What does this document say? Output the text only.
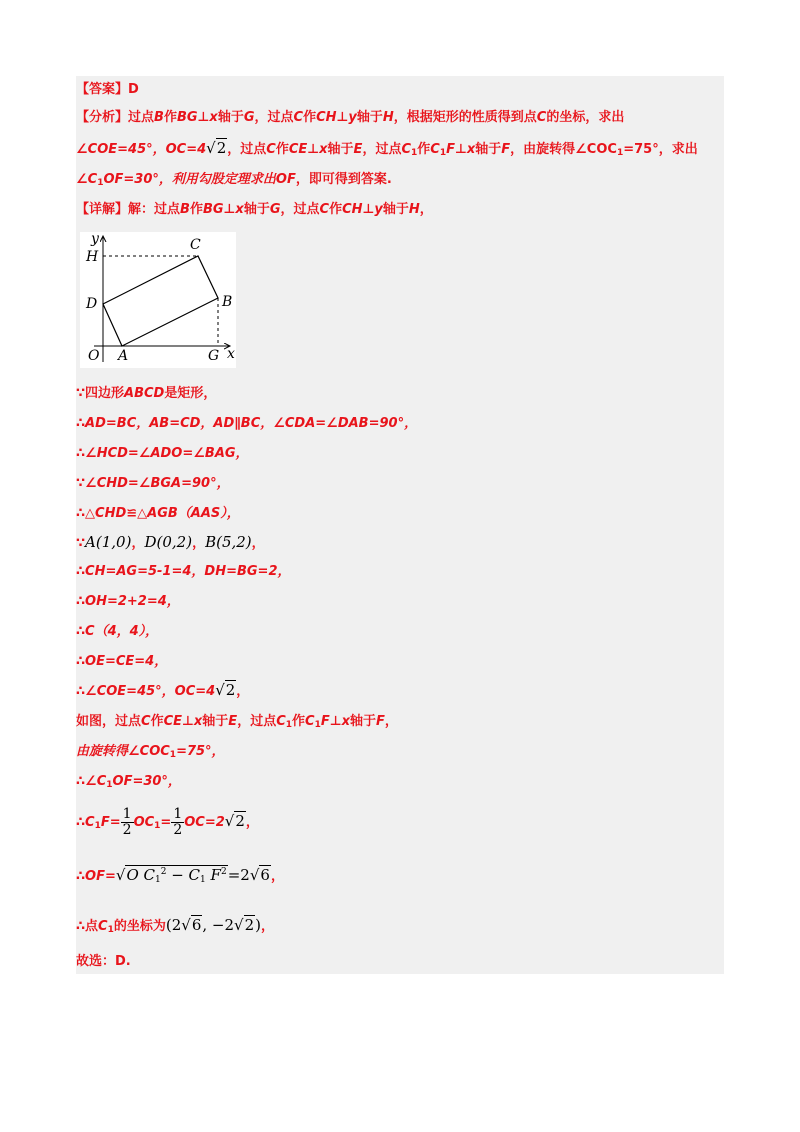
【答案】D
【分析】过点B作BG⊥x轴于G，过点C作CH⊥y轴于H，根据矩形的性质得到点C的坐标，求出
∠COE=45°，OC=4√2，过点C作CE⊥x轴于E，过点$C_1$作$C_1F\perp x$轴于F，由旋转得$\angle COC_1=75^\circ$，求出
$\angle C_1OF=30^\circ$，利用勾股定理求出OF，即可得到答案.
【详解】解：过点B作BG⊥x轴于G，过点C作CH⊥y轴于H，
y
H
C
D	B
O A	G x
∵四边形ABCD是矩形，
∴AD=BC，AB=CD，AD∥BC，∠CDA=∠DAB=90°，
∴∠HCD=∠ADO=∠BAG，
∵∠CHD=∠BGA=90°，
∴△CHD≌△AGB（AAS），
∵A(1,0)，D(0,2)，B(5,2)，
∴CH=AG=5-1=4，DH=BG=2，
∴OH=2+2=4，
∴C（4，4），
∴OE=CE=4，
∴∠COE=45°，OC=4√2，
如图，过点C作CE⊥x轴于E，过点$C_1$作$C_1F\perp x$轴于F，
由旋转得$\angle COC_1=75^\circ$，
$\therefore\angle C_1OF=30^\circ$，
$\therefore C_1F= \frac{1}{2} OC_1= \frac{1}{2} OC=2√2$，
∴OF=√O $C_1^2 - C_1$ $F^2=2√6$，
∴点$C_1$的坐标为(2√6, −2√2)，
故选：D.
